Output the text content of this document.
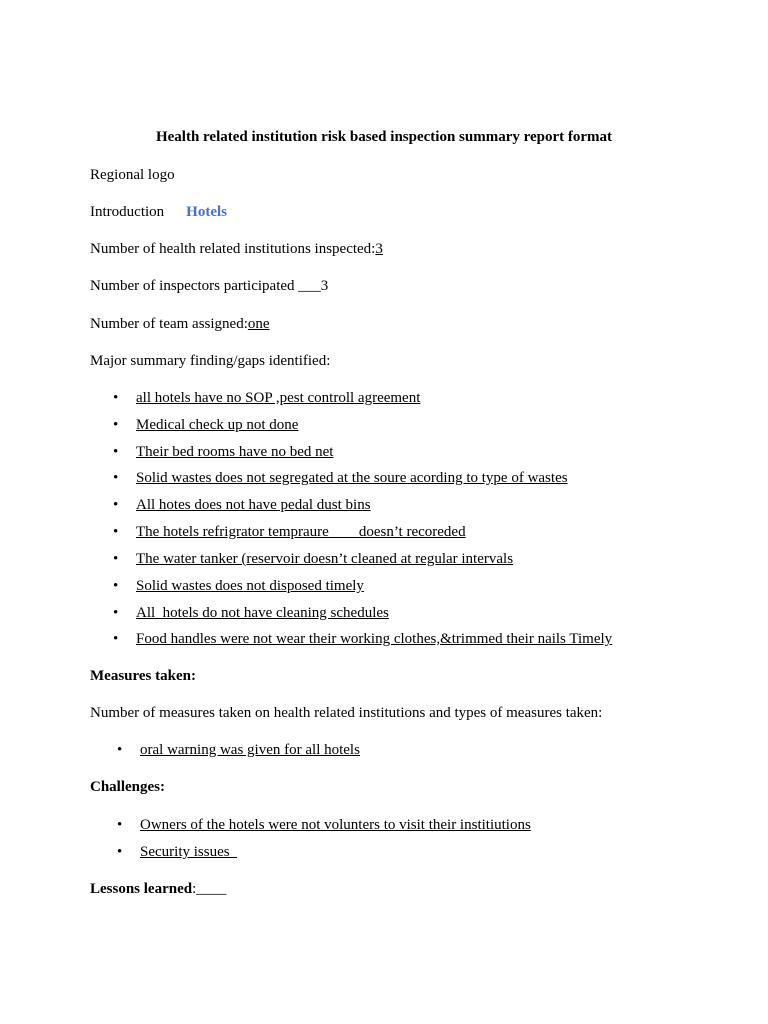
Health related institution risk based inspection summary report format
Regional logo
Introduction Hotels
Number of health related institutions inspected:3
Number of inspectors participated ___3
Number of team assigned:one
Major summary finding/gaps identified:
• all hotels have no SOP ,pest controll agreement
• Medical check up not done
• Their bed rooms have no bed net
• Solid wastes does not segregated at the soure acording to type of wastes
• All hotes does not have pedal dust bins
• The hotels refrigrator tempraure        doesn’t recoreded
• The water tanker (reservoir doesn’t cleaned at regular intervals
• Solid wastes does not disposed timely
• All  hotels do not have cleaning schedules
• Food handles were not wear their working clothes,&trimmed their nails Timely
Measures taken:
Number of measures taken on health related institutions and types of measures taken:
• oral warning was given for all hotels
Challenges:
• Owners of the hotels were not volunters to visit their institiutions
• Security issues
Lessons learned:____
